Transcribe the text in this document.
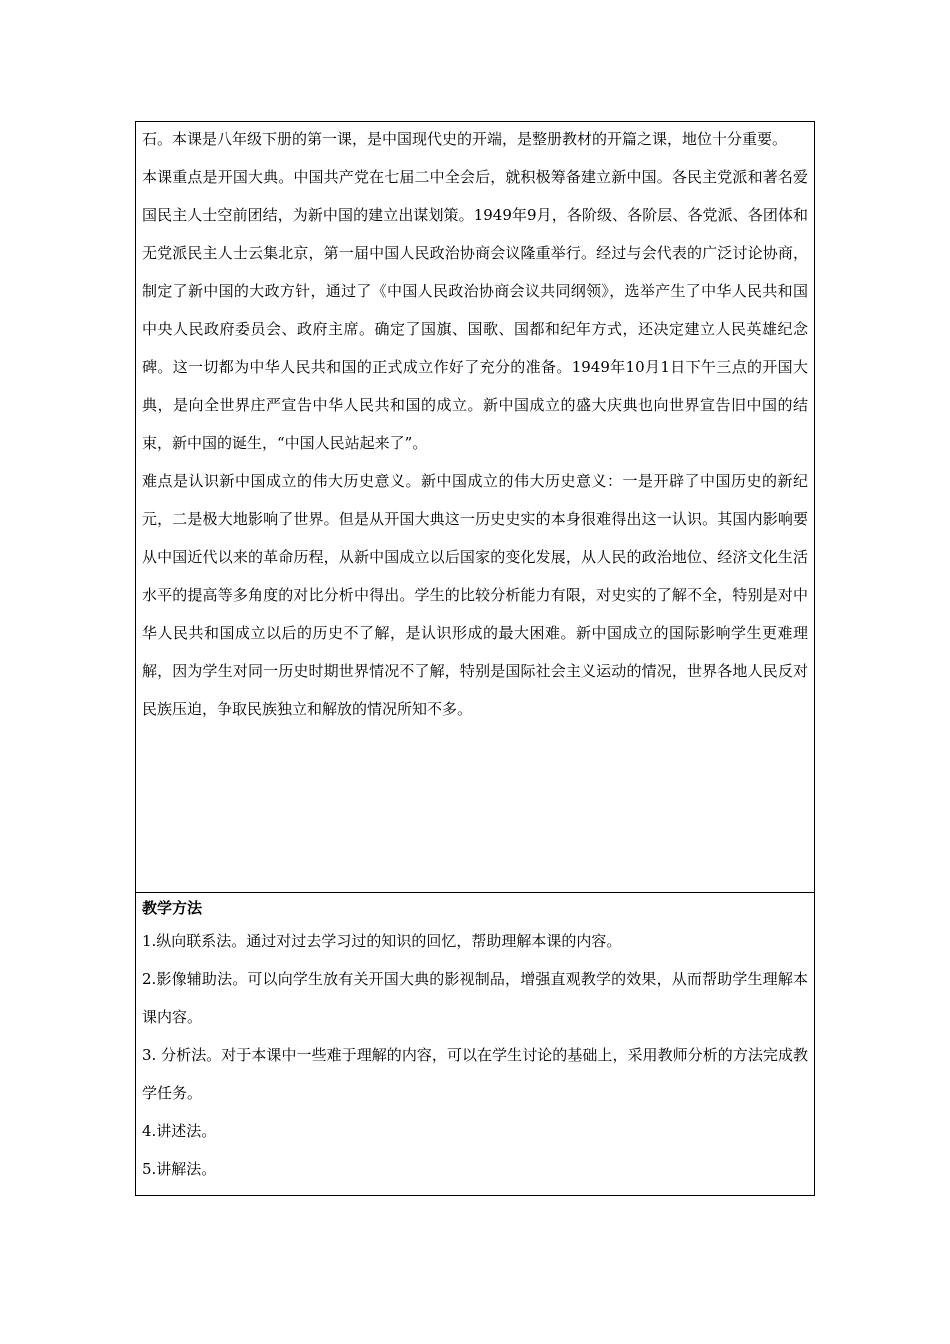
石。本课是八年级下册的第一课，是中国现代史的开端，是整册教材的开篇之课，地位十分重要。

本课重点是开国大典。中国共产党在七届二中全会后，就积极筹备建立新中国。各民主党派和著名爱国民主人士空前团结，为新中国的建立出谋划策。1949年9月，各阶级、各阶层、各党派、各团体和无党派民主人士云集北京，第一届中国人民政治协商会议隆重举行。经过与会代表的广泛讨论协商，制定了新中国的大政方针，通过了《中国人民政治协商会议共同纲领》，选举产生了中华人民共和国中央人民政府委员会、政府主席。确定了国旗、国歌、国都和纪年方式，还决定建立人民英雄纪念碑。这一切都为中华人民共和国的正式成立作好了充分的准备。1949年10月1日下午三点的开国大典，是向全世界庄严宣告中华人民共和国的成立。新中国成立的盛大庆典也向世界宣告旧中国的结束，新中国的诞生，“中国人民站起来了”。

难点是认识新中国成立的伟大历史意义。新中国成立的伟大历史意义：一是开辟了中国历史的新纪元，二是极大地影响了世界。但是从开国大典这一历史史实的本身很难得出这一认识。其国内影响要从中国近代以来的革命历程，从新中国成立以后国家的变化发展，从人民的政治地位、经济文化生活水平的提高等多角度的对比分析中得出。学生的比较分析能力有限，对史实的了解不全，特别是对中华人民共和国成立以后的历史不了解，是认识形成的最大困难。新中国成立的国际影响学生更难理解，因为学生对同一历史时期世界情况不了解，特别是国际社会主义运动的情况，世界各地人民反对民族压迫，争取民族独立和解放的情况所知不多。

教学方法

1.纵向联系法。通过对过去学习过的知识的回忆，帮助理解本课的内容。

2.影像辅助法。可以向学生放有关开国大典的影视制品，增强直观教学的效果，从而帮助学生理解本课内容。

3. 分析法。对于本课中一些难于理解的内容，可以在学生讨论的基础上，采用教师分析的方法完成教学任务。

4.讲述法。

5.讲解法。
